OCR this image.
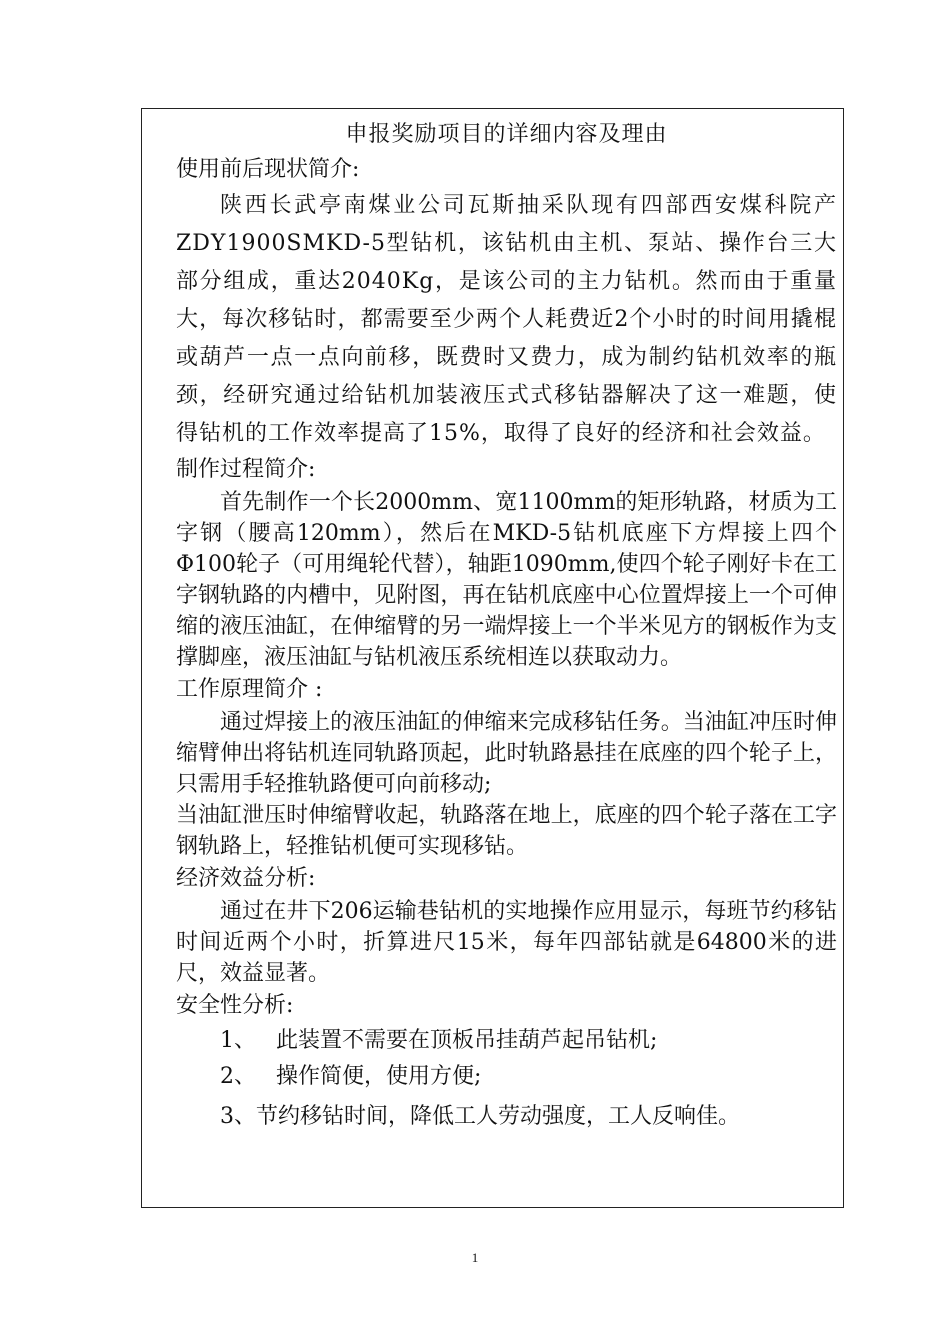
申报奖励项目的详细内容及理由

使用前后现状简介:

陕西长武亭南煤业公司瓦斯抽采队现有四部西安煤科院产ZDY1900SMKD-5型钻机，该钻机由主机、泵站、操作台三大部分组成，重达2040Kg，是该公司的主力钻机。然而由于重量大，每次移钻时，都需要至少两个人耗费近2个小时的时间用撬棍或葫芦一点一点向前移，既费时又费力，成为制约钻机效率的瓶颈，经研究通过给钻机加装液压式式移钻器解决了这一难题，使得钻机的工作效率提高了15%，取得了良好的经济和社会效益。

制作过程简介:

首先制作一个长2000mm、宽1100mm的矩形轨路，材质为工字钢（腰高120mm），然后在MKD-5钻机底座下方焊接上四个Φ100轮子（可用绳轮代替），轴距1090mm,使四个轮子刚好卡在工字钢轨路的内槽中，见附图，再在钻机底座中心位置焊接上一个可伸缩的液压油缸，在伸缩臂的另一端焊接上一个半米见方的钢板作为支撑脚座，液压油缸与钻机液压系统相连以获取动力。

工作原理简介 :

通过焊接上的液压油缸的伸缩来完成移钻任务。当油缸冲压时伸缩臂伸出将钻机连同轨路顶起，此时轨路悬挂在底座的四个轮子上，只需用手轻推轨路便可向前移动;

当油缸泄压时伸缩臂收起，轨路落在地上，底座的四个轮子落在工字钢轨路上，轻推钻机便可实现移钻。

经济效益分析:

通过在井下206运输巷钻机的实地操作应用显示，每班节约移钻时间近两个小时，折算进尺15米，每年四部钻就是64800米的进尺，效益显著。

安全性分析:

1、 此装置不需要在顶板吊挂葫芦起吊钻机;
2、 操作简便，使用方便;
3、 节约移钻时间，降低工人劳动强度，工人反响佳。
1
